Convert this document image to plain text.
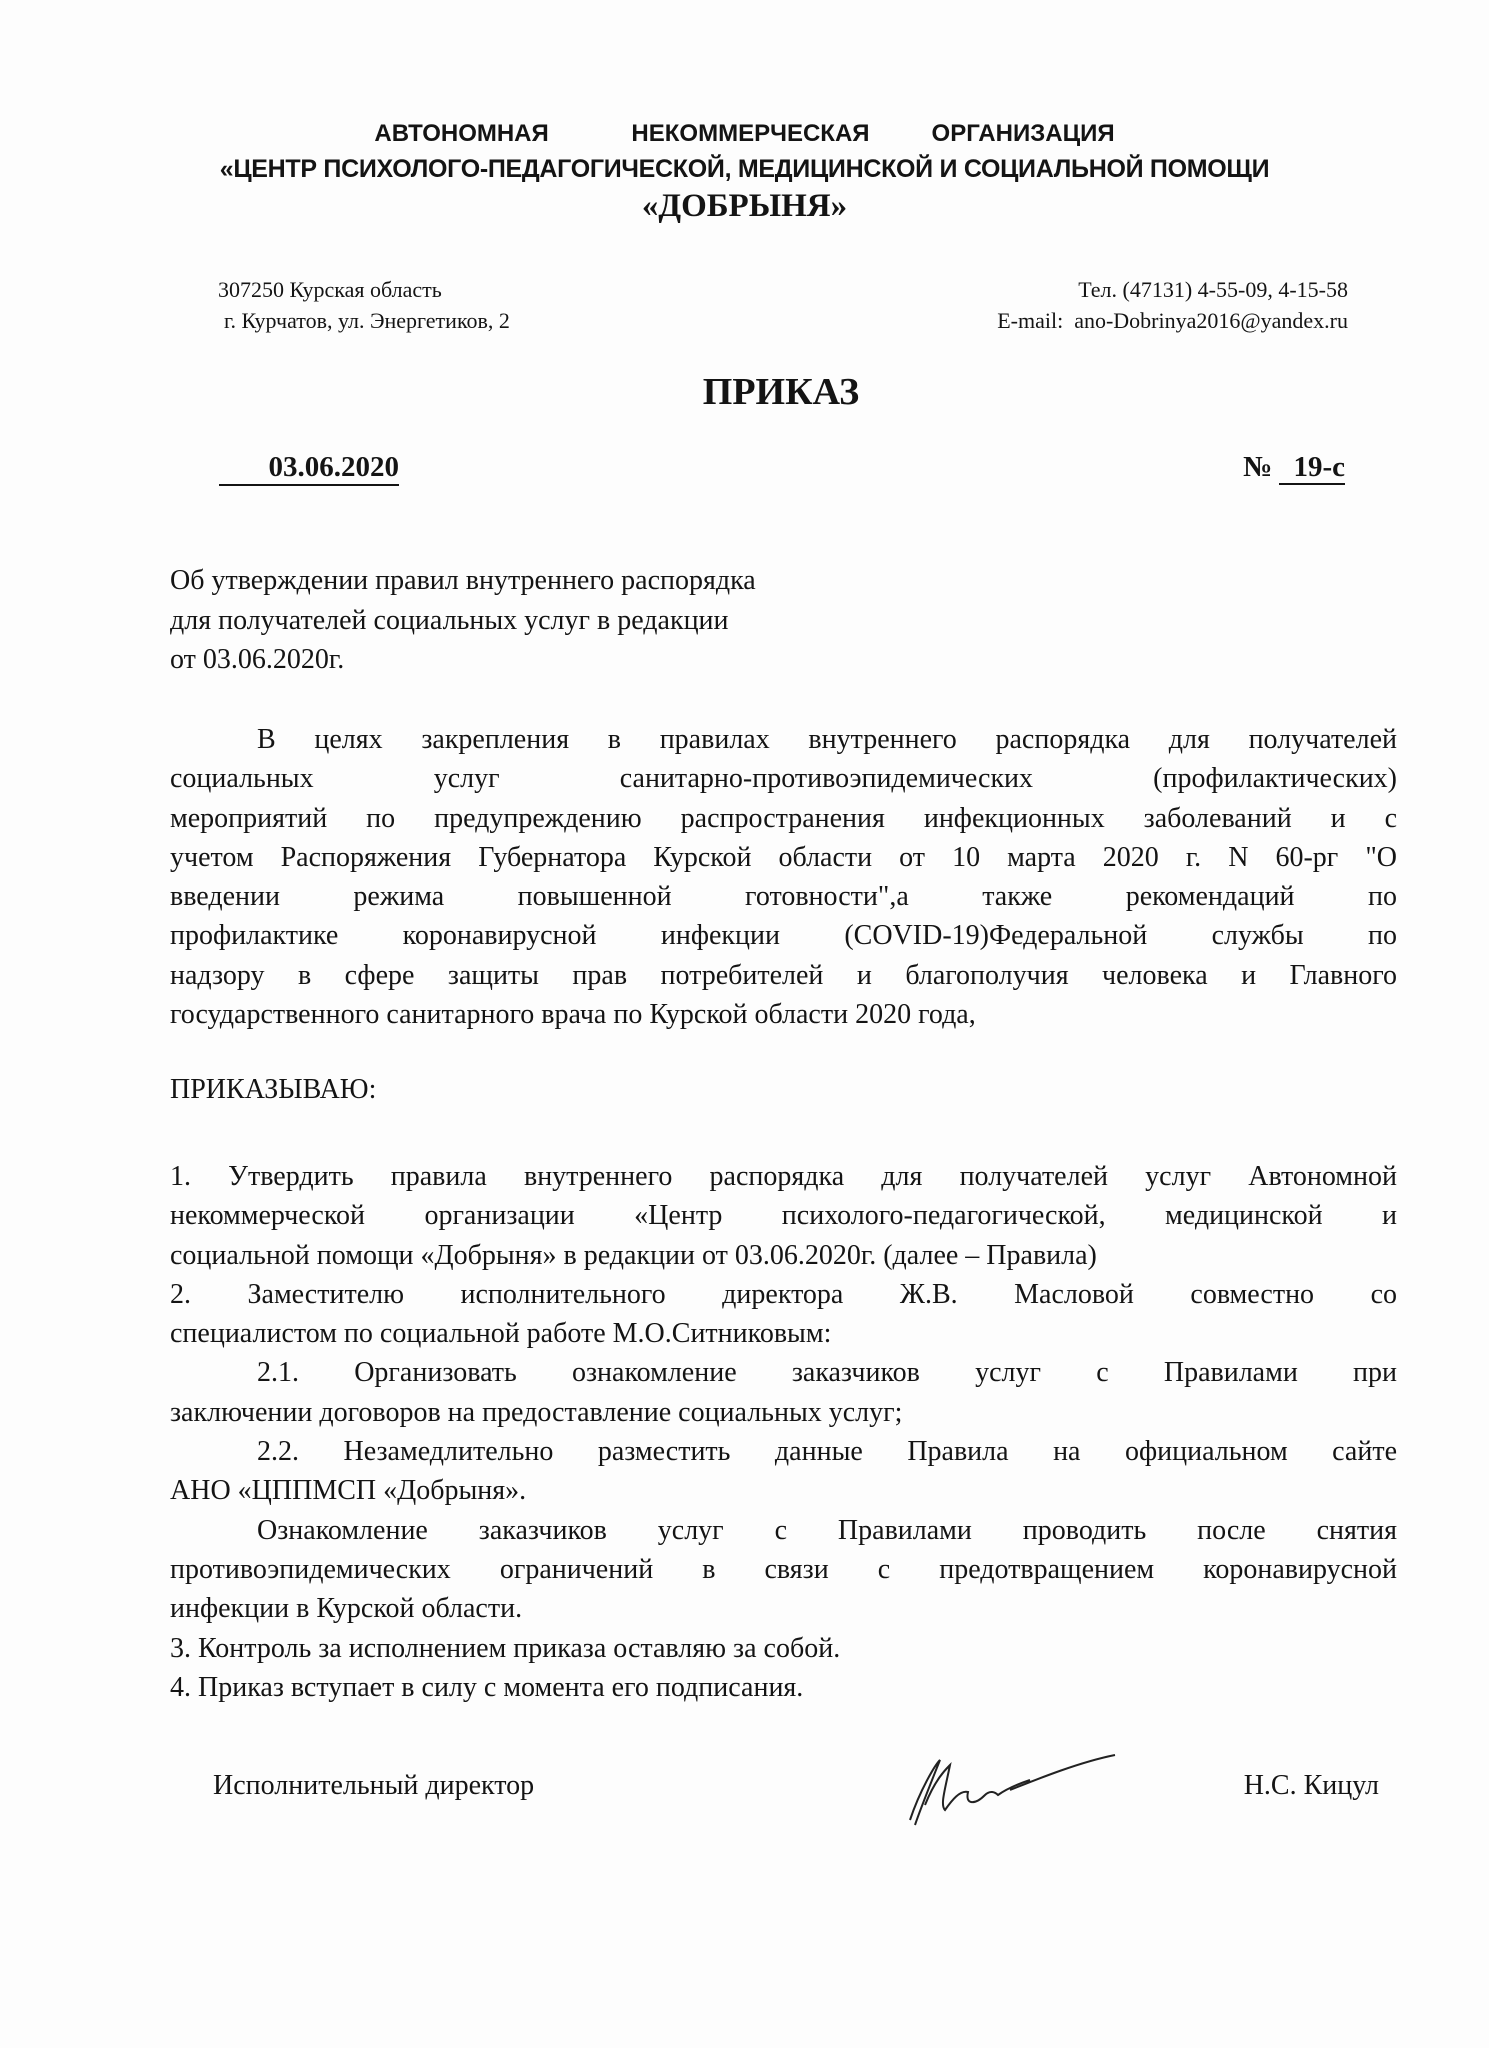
АВТОНОМНАЯ    НЕКОММЕРЧЕСКАЯ   ОРГАНИЗАЦИЯ
«ЦЕНТР ПСИХОЛОГО-ПЕДАГОГИЧЕСКОЙ, МЕДИЦИНСКОЙ И СОЦИАЛЬНОЙ ПОМОЩИ
«ДОБРЫНЯ»
307250 Курская область
г. Курчатов, ул. Энергетиков, 2
Тел. (47131) 4-55-09, 4-15-58
E-mail:  ano-Dobrinya2016@yandex.ru
ПРИКАЗ
03.06.2020	№ 19-с
Об утверждении правил внутреннего распорядка
для получателей социальных услуг в редакции
от 03.06.2020г.
В целях закрепления в правилах внутреннего распорядка для получателей
социальных услуг санитарно-противоэпидемических (профилактических)
мероприятий по предупреждению распространения инфекционных заболеваний и с
учетом Распоряжения Губернатора Курской области от 10 марта 2020 г. N 60-рг "О
введении режима повышенной готовности",а также рекомендаций по
профилактике коронавирусной инфекции (COVID-19)Федеральной службы по
надзору в сфере защиты прав потребителей и благополучия человека и Главного
государственного санитарного врача по Курской области 2020 года,
ПРИКАЗЫВАЮ:
1. Утвердить правила внутреннего распорядка для получателей услуг Автономной
некоммерческой организации «Центр психолого-педагогической, медицинской и
социальной помощи «Добрыня» в редакции от 03.06.2020г. (далее – Правила)
2. Заместителю исполнительного директора Ж.В. Масловой совместно со
специалистом по социальной работе М.О.Ситниковым:
2.1. Организовать ознакомление заказчиков услуг с Правилами при
заключении договоров на предоставление социальных услуг;
2.2. Незамедлительно разместить данные Правила на официальном сайте
АНО «ЦППМСП «Добрыня».
Ознакомление заказчиков услуг с Правилами проводить после снятия
противоэпидемических ограничений в связи с предотвращением коронавирусной
инфекции в Курской области.
3. Контроль за исполнением приказа оставляю за собой.
4. Приказ вступает в силу с момента его подписания.
Исполнительный директор	Н.С. Кицул
